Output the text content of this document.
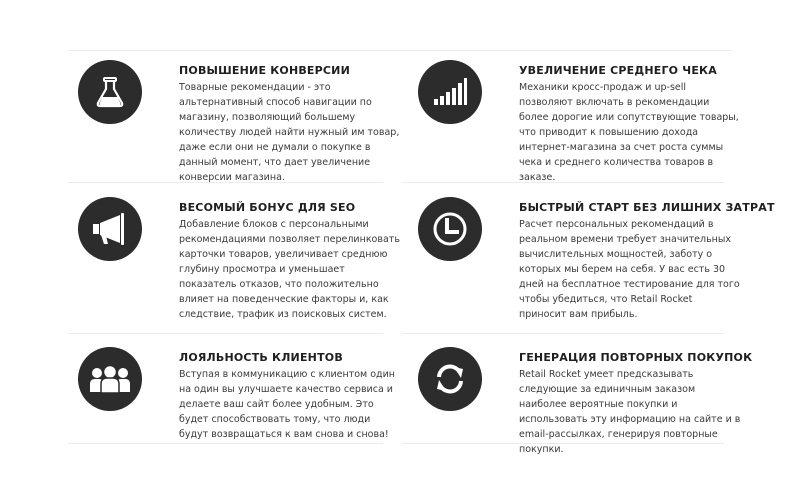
ПОВЫШЕНИЕ КОНВЕРСИИ
Товарные рекомендации - это альтернативный способ навигации по магазину, позволяющий большему количеству людей найти нужный им товар, даже если они не думали о покупке в данный момент, что дает увеличение конверсии магазина.
УВЕЛИЧЕНИЕ СРЕДНЕГО ЧЕКА
Механики кросс-продаж и up-sell позволяют включать в рекомендации более дорогие или сопутствующие товары, что приводит к повышению дохода интернет-магазина за счет роста суммы чека и среднего количества товаров в заказе.
ВЕСОМЫЙ БОНУС ДЛЯ SEO
Добавление блоков с персональными рекомендациями позволяет перелинковать карточки товаров, увеличивает среднюю глубину просмотра и уменьшает показатель отказов, что положительно влияет на поведенческие факторы и, как следствие, трафик из поисковых систем.
БЫСТРЫЙ СТАРТ БЕЗ ЛИШНИХ ЗАТРАТ
Расчет персональных рекомендаций в реальном времени требует значительных вычислительных мощностей, заботу о которых мы берем на себя. У вас есть 30 дней на бесплатное тестирование для того чтобы убедиться, что Retail Rocket приносит вам прибыль.
ЛОЯЛЬНОСТЬ КЛИЕНТОВ
Вступая в коммуникацию с клиентом один на один вы улучшаете качество сервиса и делаете ваш сайт более удобным. Это будет способствовать тому, что люди будут возвращаться к вам снова и снова!
ГЕНЕРАЦИЯ ПОВТОРНЫХ ПОКУПОК
Retail Rocket умеет предсказывать следующие за единичным заказом наиболее вероятные покупки и использовать эту информацию на сайте и в email-рассылках, генерируя повторные покупки.
